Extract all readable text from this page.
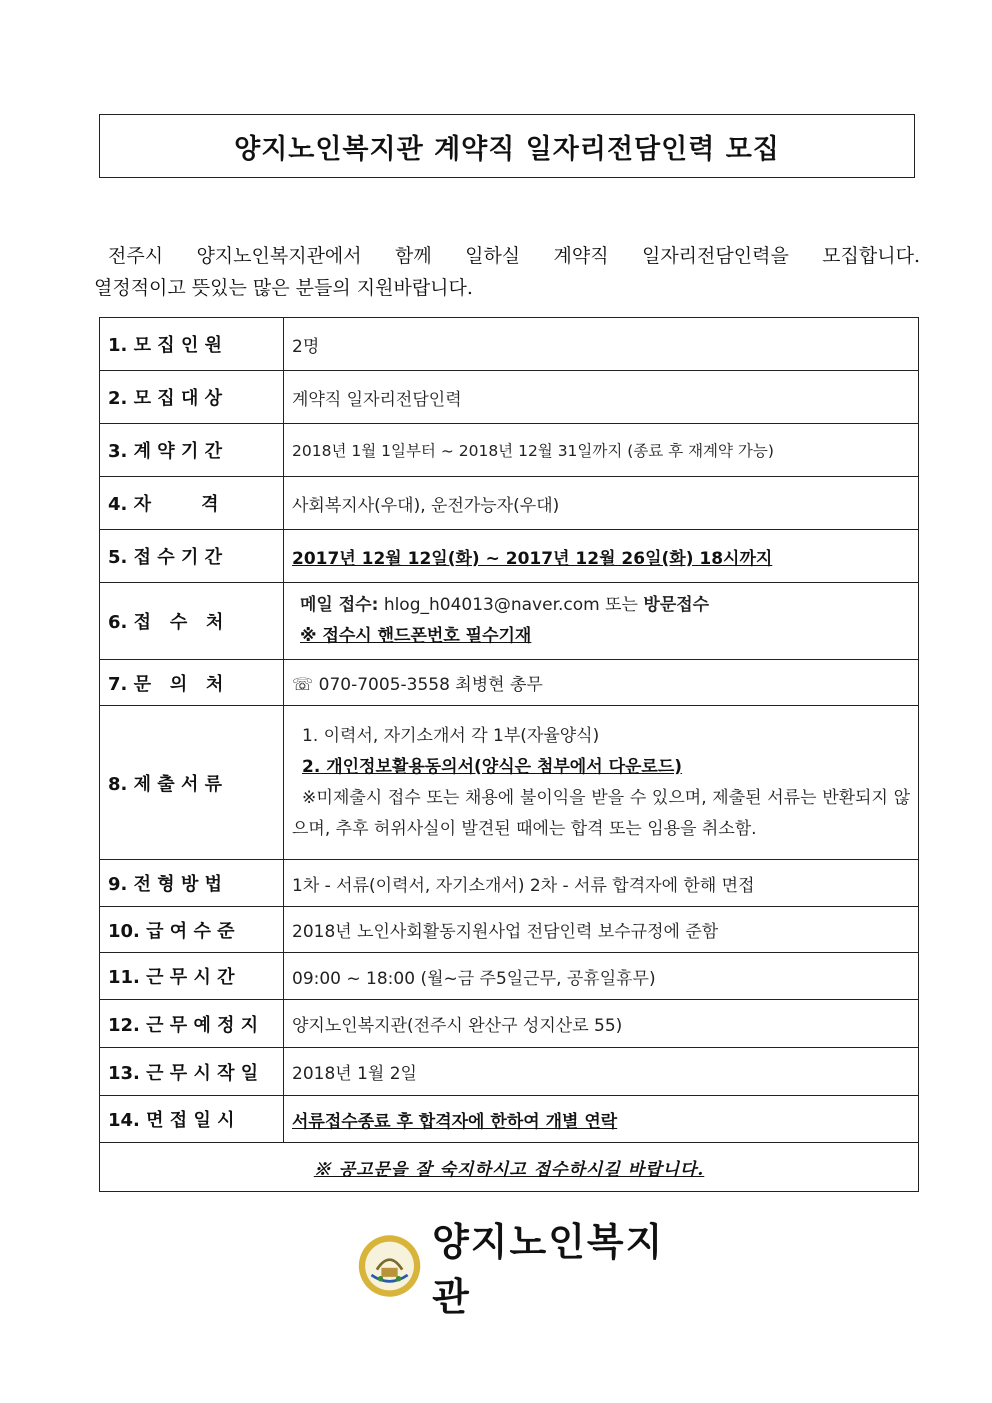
양지노인복지관 계약직 일자리전담인력 모집

전주시 양지노인복지관에서 함께 일하실 계약직 일자리전담인력을 모집합니다.

열정적이고 뜻있는 많은 분들의 지원바랍니다.

1. 모 집 인 원	2명
2. 모 집 대 상	계약직 일자리전담인력
3. 계 약 기 간	2018년 1월 1일부터 ~ 2018년 12월 31일까지 (종료 후 재계약 가능)
4. 자        격	사회복지사(우대), 운전가능자(우대)
5. 접 수 기 간	2017년 12월 12일(화) ~ 2017년 12월 26일(화) 18시까지
6. 접   수   처	메일 접수: hlog_h04013@naver.com 또는 방문접수
※ 접수시 핸드폰번호 필수기재

7. 문   의   처	☏ 070-7005-3558 최병현 총무
8. 제 출 서 류	1. 이력서, 자기소개서 각 1부(자율양식)
2. 개인정보활용동의서(양식은 첨부에서 다운로드)
※미제출시 접수 또는 채용에 불이익을 받을 수 있으며, 제출된 서류는 반환되지 않으며, 추후 허위사실이 발견된 때에는 합격 또는 임용을 취소함.

9. 전 형 방 법	1차 - 서류(이력서, 자기소개서) 2차 - 서류 합격자에 한해 면접
10. 급 여 수 준	2018년 노인사회활동지원사업 전담인력 보수규정에 준함
11. 근 무 시 간	09:00 ~ 18:00 (월~금 주5일근무, 공휴일휴무)
12. 근 무 예 정 지	양지노인복지관(전주시 완산구 성지산로 55)
13. 근 무 시 작 일	2018년 1월 2일
14. 면 접 일 시	서류접수종료 후 합격자에 한하여 개별 연락
※ 공고문을 잘 숙지하시고 접수하시길 바랍니다.	
양지노인복지관
